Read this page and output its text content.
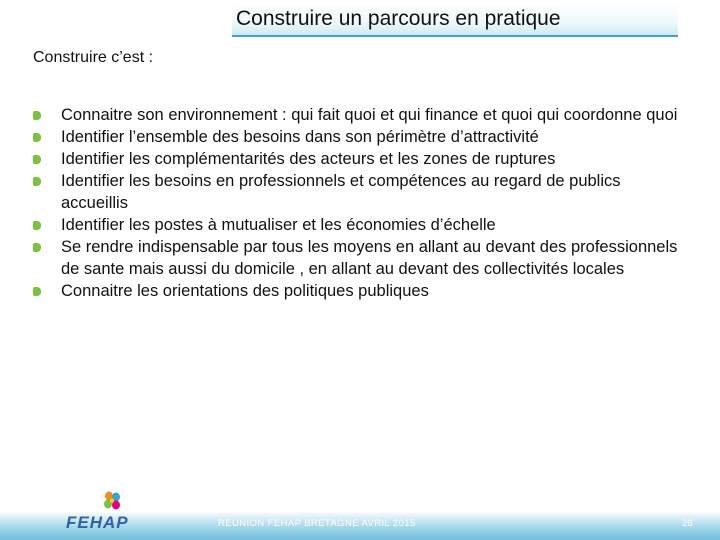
Construire un parcours en pratique
Construire c’est :
Connaitre son environnement : qui fait quoi et qui finance et quoi qui coordonne quoi
Identifier l’ensemble des besoins dans son périmètre d’attractivité
Identifier les complémentarités des acteurs et les zones de ruptures
Identifier les besoins en professionnels et compétences au regard de publics accueillis
Identifier les postes à mutualiser et les économies d’échelle
Se rendre indispensable par tous les moyens en allant au devant des professionnels de sante mais aussi du domicile , en allant au devant des collectivités locales
Connaitre les orientations des politiques publiques
FEHAP	REUNION FEHAP BRETAGNE AVRIL 2015	26
